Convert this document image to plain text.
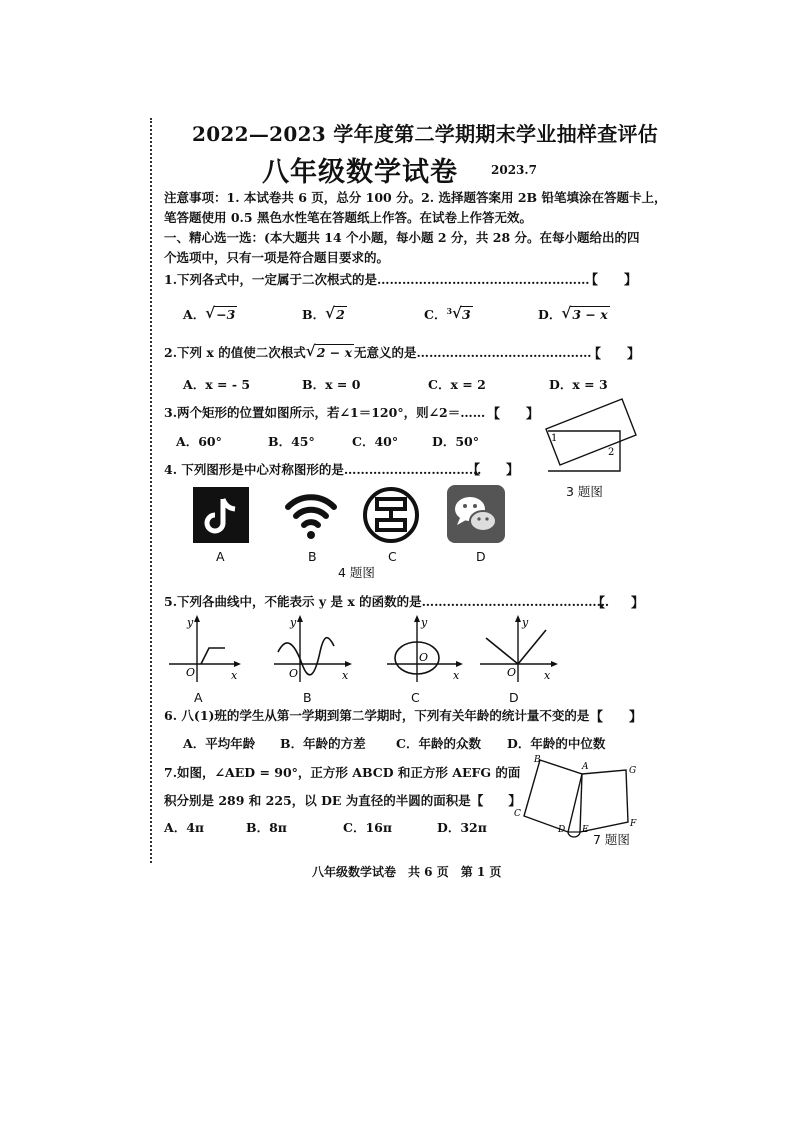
2022—2023 学年度第二学期期末学业抽样查评估
八年级数学试卷	2023.7
注意事项：1. 本试卷共 6 页，总分 100 分。2. 选择题答案用 2B 铅笔填涂在答题卡上，
笔答题使用 0.5 黑色水性笔在答题纸上作答。在试卷上作答无效。
一、精心选一选：(本大题共 14 个小题，每小题 2 分，共 28 分。在每小题给出的四
个选项中，只有一项是符合题目要求的。
1.下列各式中，一定属于二次根式的是……………………………………………
【　　】
A． √ −3	B． √ 2	C．$^3$ √ 3	D． √ 3 − x
2.下列 x 的值使二次根式 √ 2 − x 无意义的是……………………………………
【　　】
A．x = - 5	B．x = 0	C．x = 2	D．x = 3
3.两个矩形的位置如图所示，若∠1＝120°，则∠2＝…… 【　　】
A．60°	B．45°	C．40°	D．50°	1
2
3 题图
4. 下列图形是中心对称图形的是……………………………
【　　】
A	B	C	D
4 题图
5.下列各曲线中，不能表示 y 是 x 的函数的是………………………………………
【　　】
y
x
O
y
x
O
y
x
O
y
x
O
A	B	C	D
6. 八(1)班的学生从第一学期到第二学期时，下列有关年龄的统计量不变的是 【　　】
A．平均年龄 B．年龄的方差 C．年龄的众数 D．年龄的中位数
7.如图，∠AED = 90°，正方形 ABCD 和正方形 AEFG 的面
积分别是 289 和 225，以 DE 为直径的半圆的面积是【　　】
A．4π	B．8π	C．16π	D．32π
B
A	G
C
D E
F
7 题图
八年级数学试卷　共 6 页　第 1 页
